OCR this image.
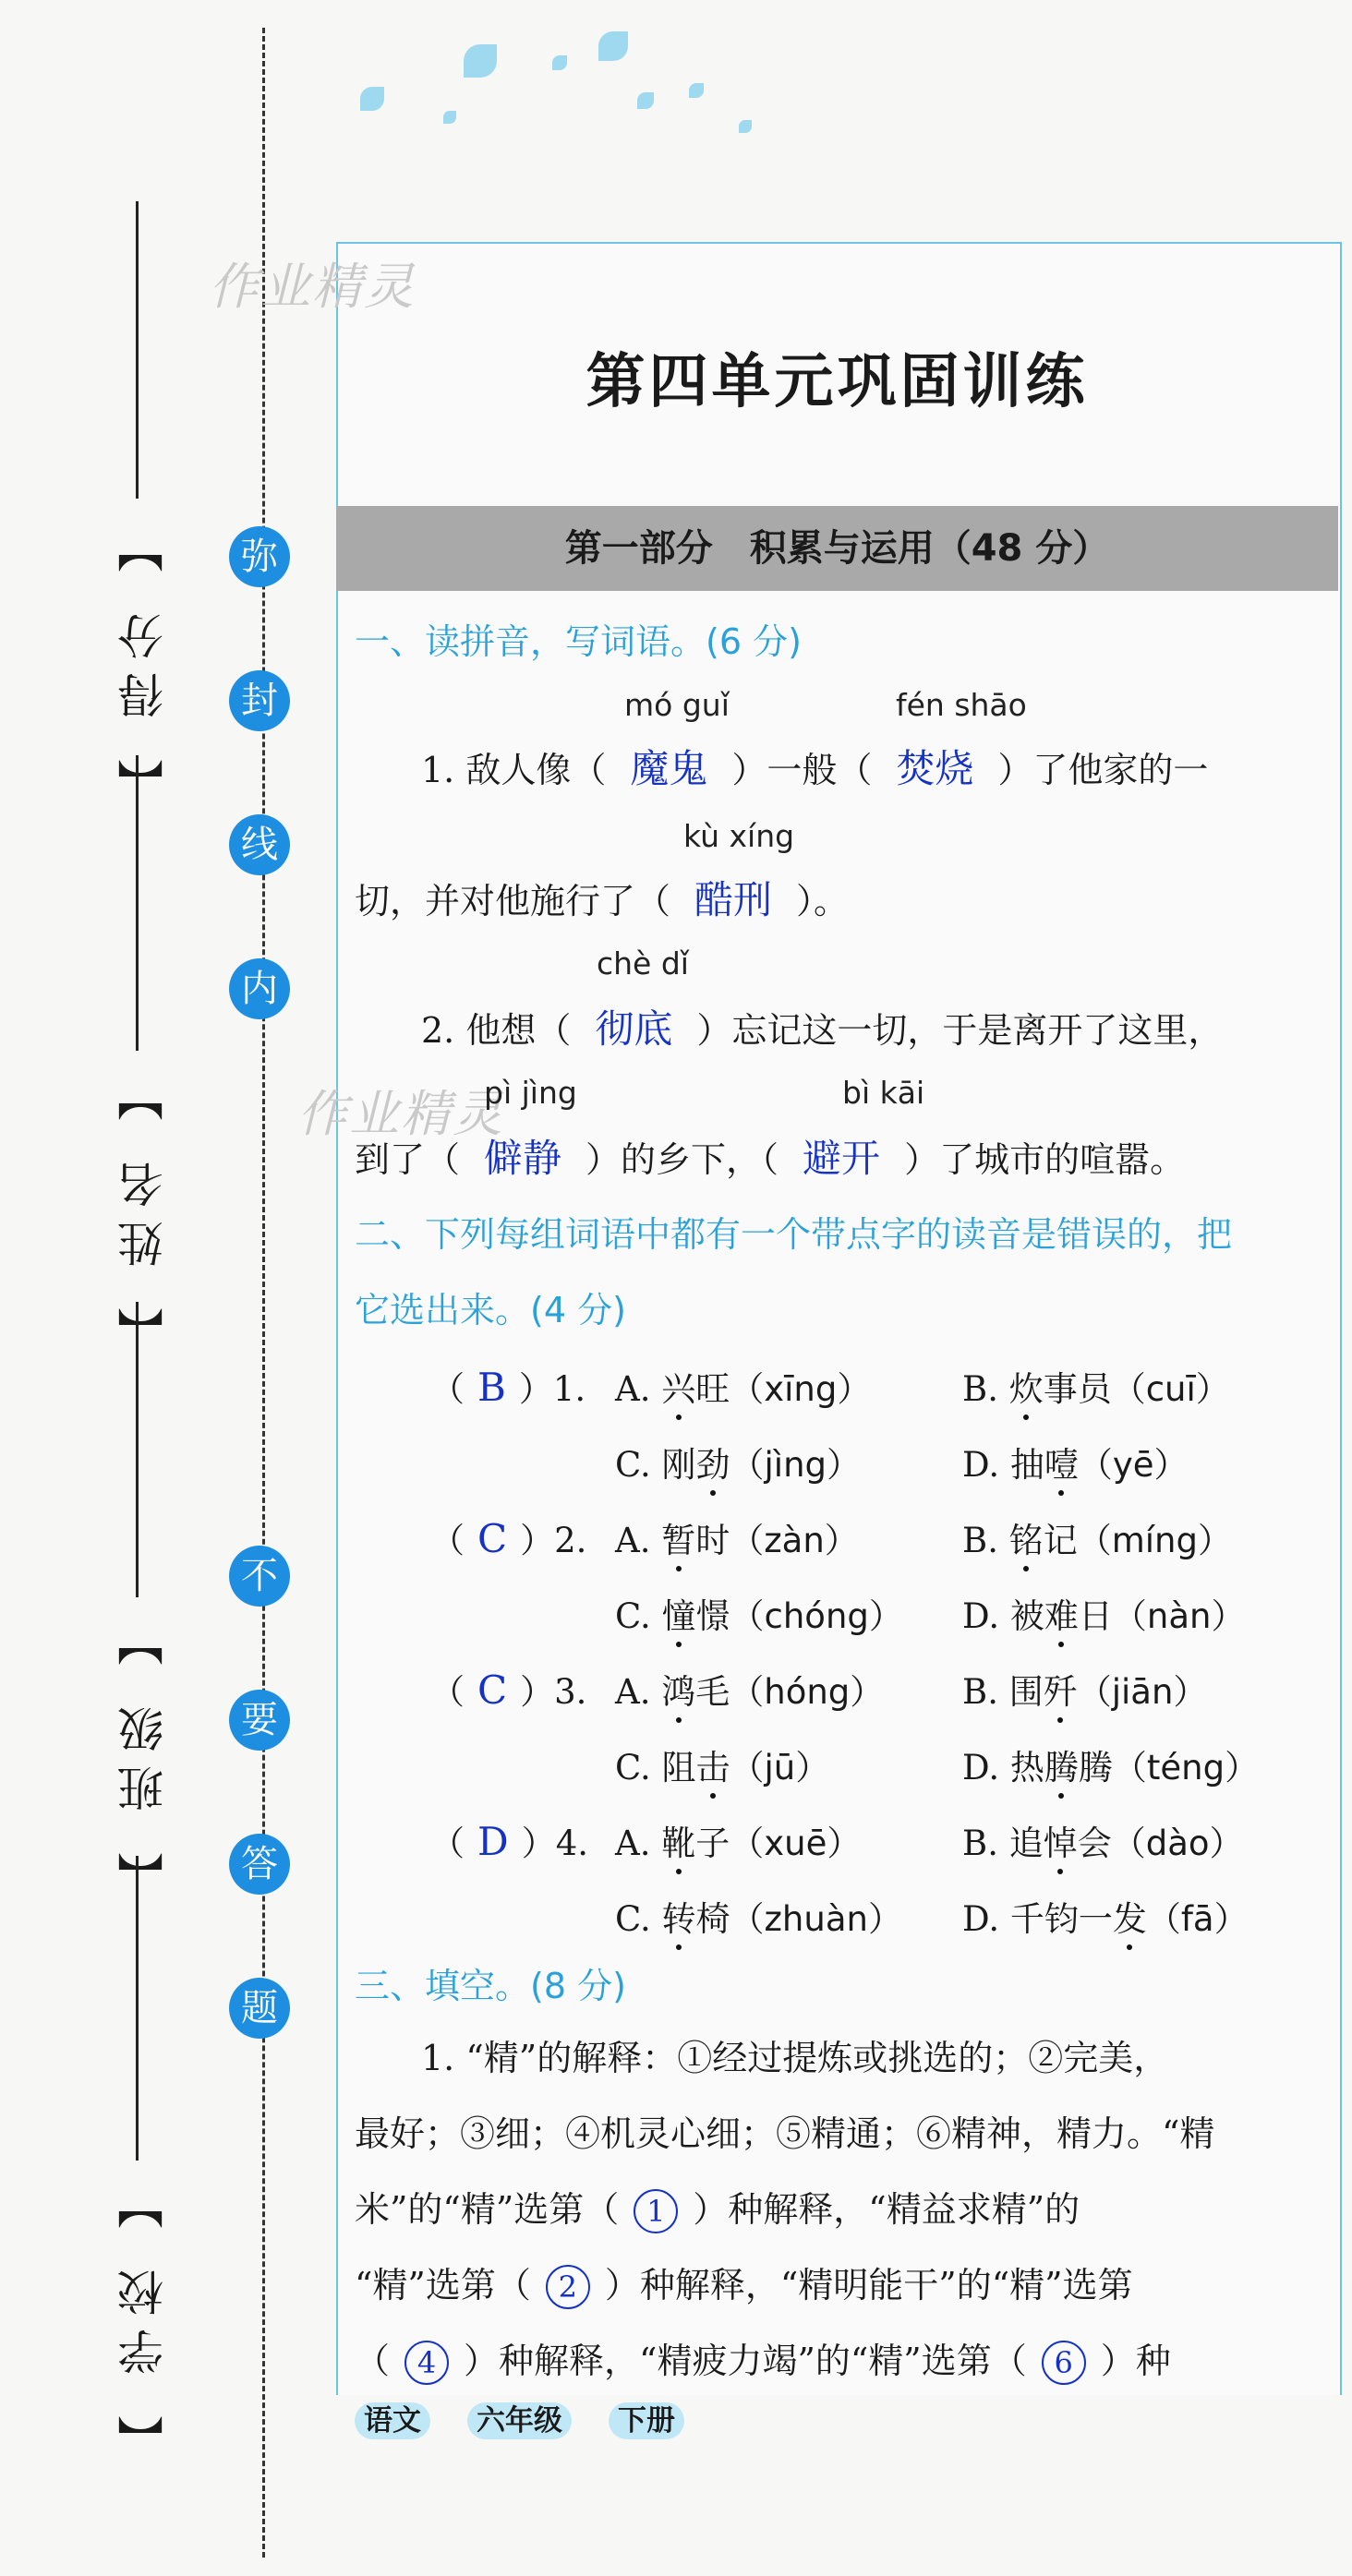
【 得分 】
【 姓名 】
【 班级 】
【 学校 】
弥
封
线
内
不
要
答
题
作业精灵
作业精灵
第四单元巩固训练
第一部分　积累与运用（48 分）
一、读拼音，写词语。(6 分)
mó guǐ	fén shāo
1. 敌人像（ 魔鬼 ）一般（ 焚烧 ）了他家的一
kù xíng
切，并对他施行了（ 酷刑 ）。
chè dǐ
2. 他想（ 彻底 ）忘记这一切，于是离开了这里，
pì jìng	bì kāi
到了（ 僻静 ）的乡下，（ 避开 ）了城市的喧嚣。
二、下列每组词语中都有一个带点字的读音是错误的，把
它选出来。(4 分)
（ B ）1. A. 兴旺（xīng）	B. 炊事员（cuī）
C. 刚劲（jìng）	D. 抽噎（yē）
（ C ）2. A. 暂时（zàn）	B. 铭记（míng）
C. 憧憬（chóng） D. 被难日（nàn）
（ C ）3. A. 鸿毛（hóng） B. 围歼（jiān）
C. 阻击（jū）	D. 热腾腾（téng）
（ D ）4. A. 靴子（xuē）	B. 追悼会（dào）
C. 转椅（zhuàn） D. 千钧一发（fā）
三、填空。(8 分)
1. “精”的解释：①经过提炼或挑选的；②完美，
最好；③细；④机灵心细；⑤精通；⑥精神，精力。“精
米”的“精”选第（ 1 ）种解释，“精益求精”的
“精”选第（ 2 ）种解释，“精明能干”的“精”选第
（ 4 ）种解释，“精疲力竭”的“精”选第（ 6 ）种
语文 六年级 下册
